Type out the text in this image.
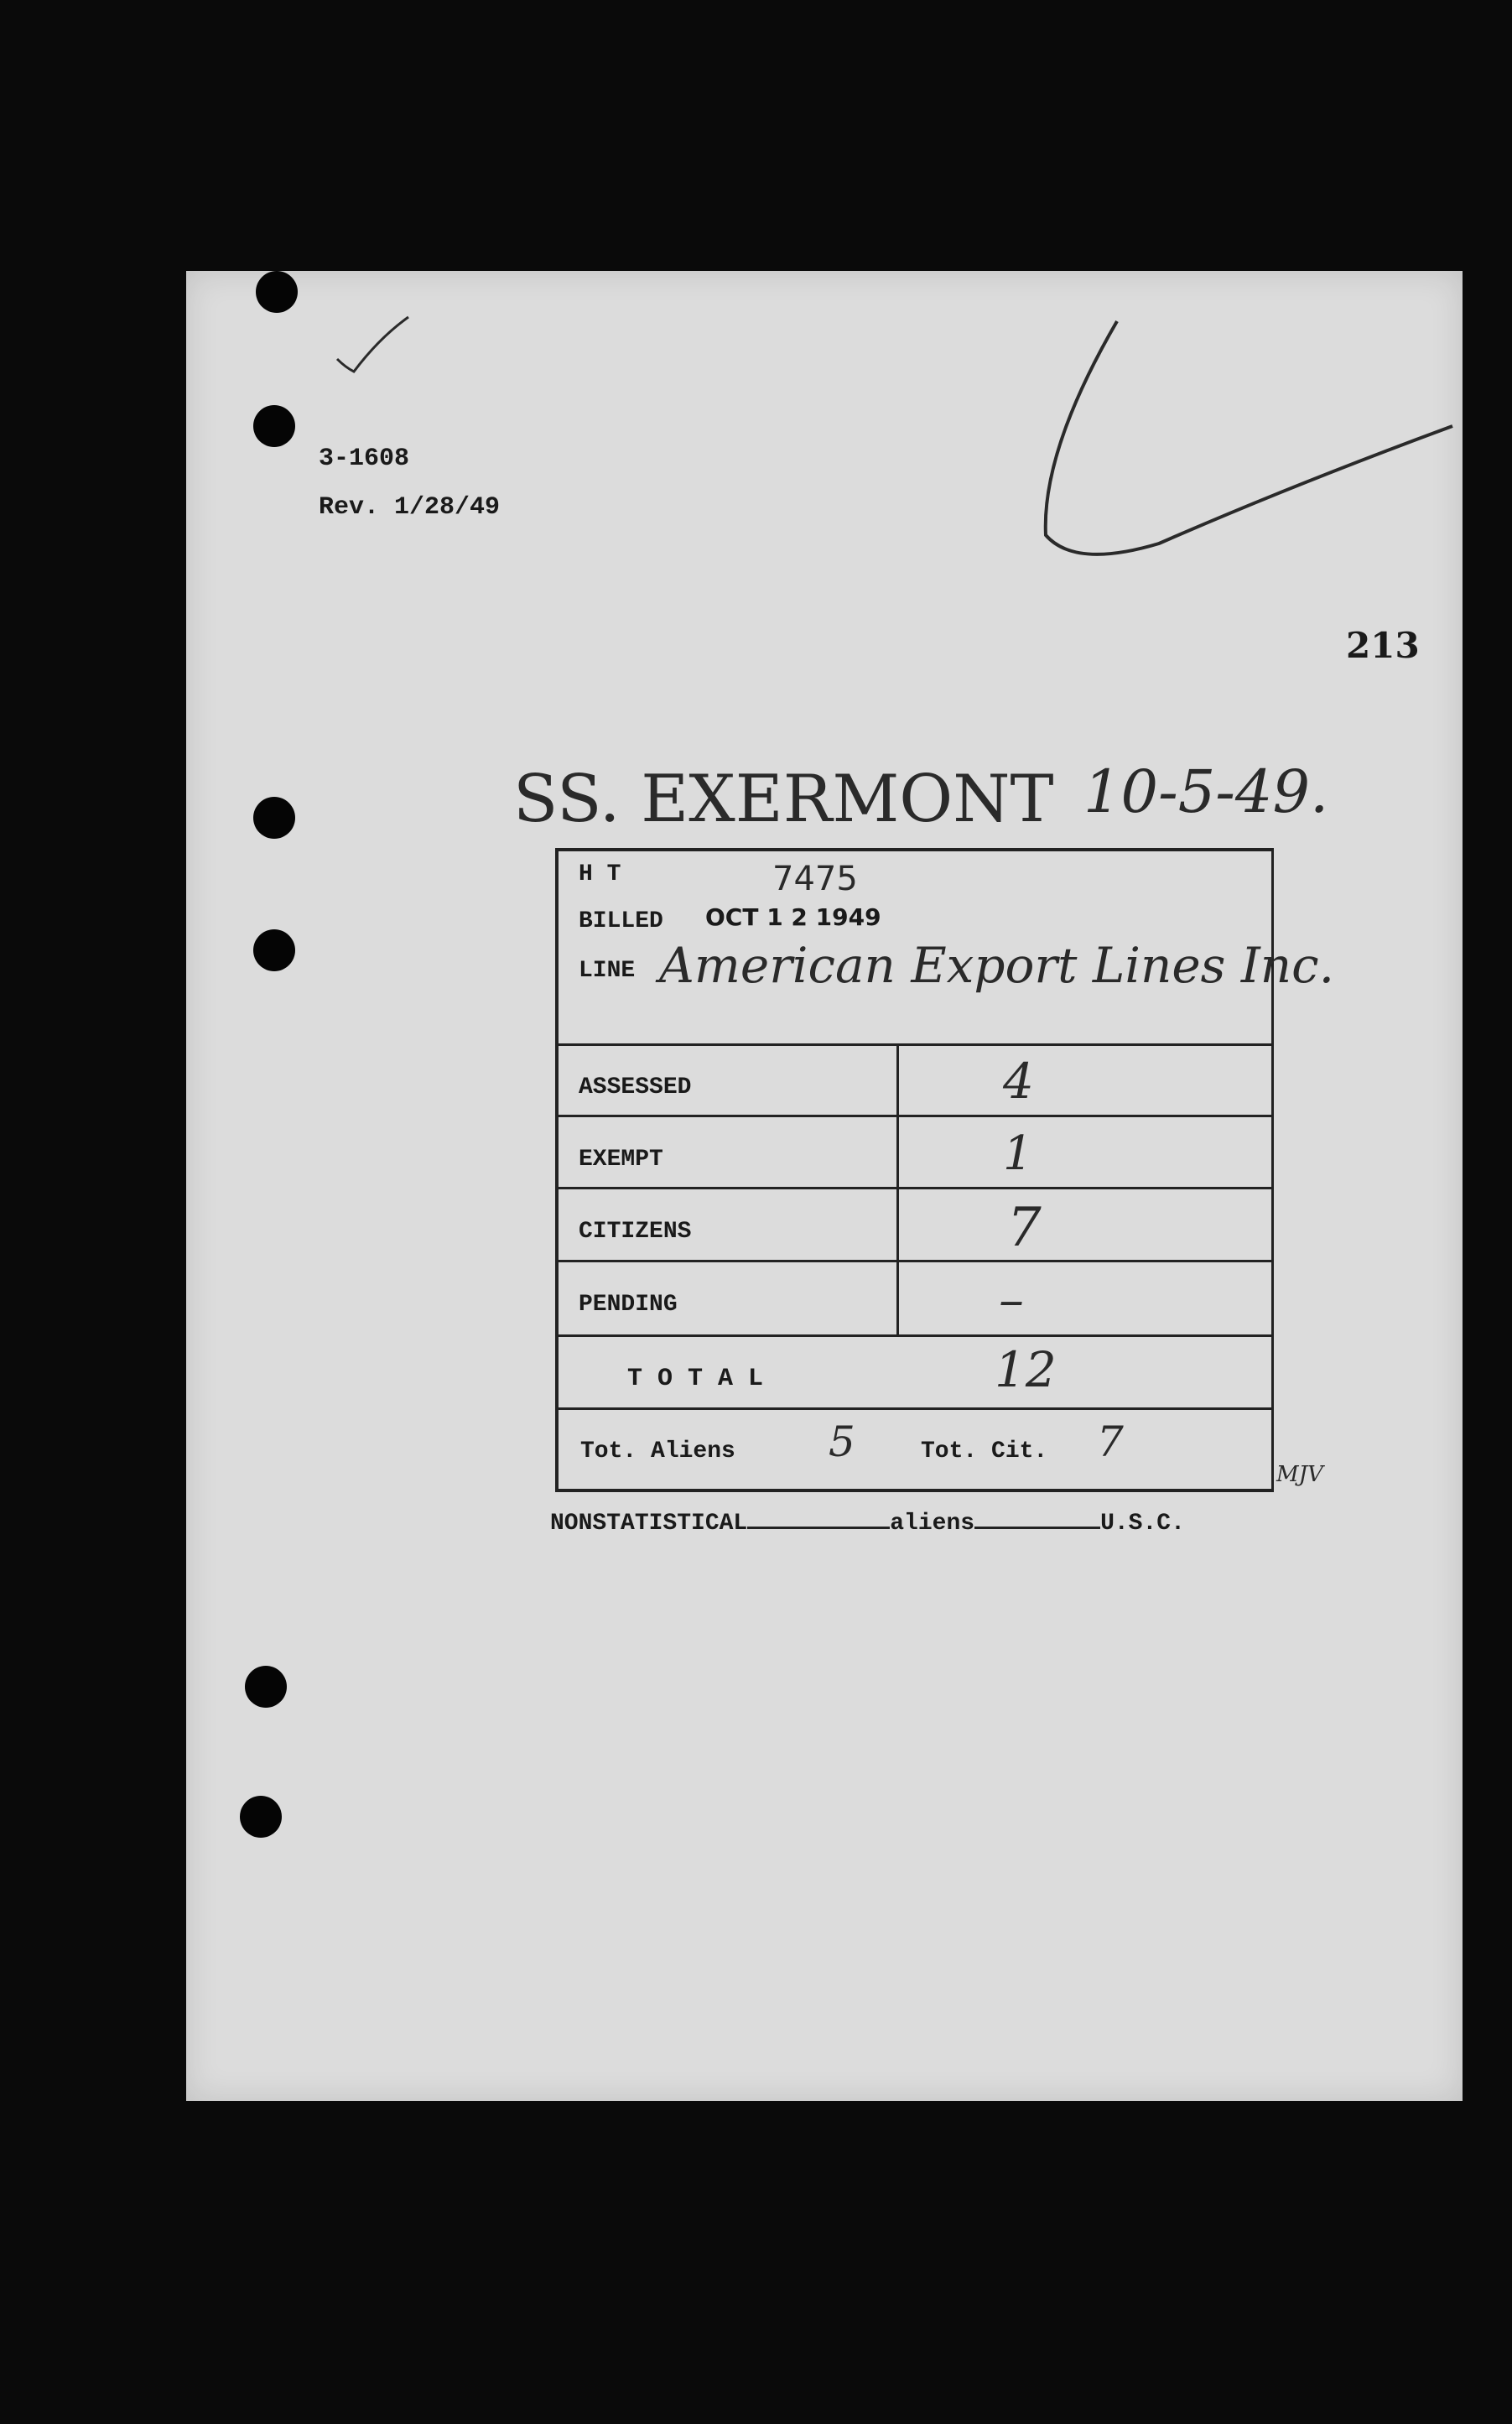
3-1608
Rev. 1/28/49
213
SS. EXERMONT 10-5-49.
H T	7475
BILLED OCT 1 2 1949
LINE American Export Lines Inc.
ASSESSED	4
EXEMPT	1
CITIZENS	7
PENDING	–
T O T A L	12
Tot. Aliens 5	Tot. Cit. 7
MJV
NONSTATISTICAL	aliens	U.S.C.
